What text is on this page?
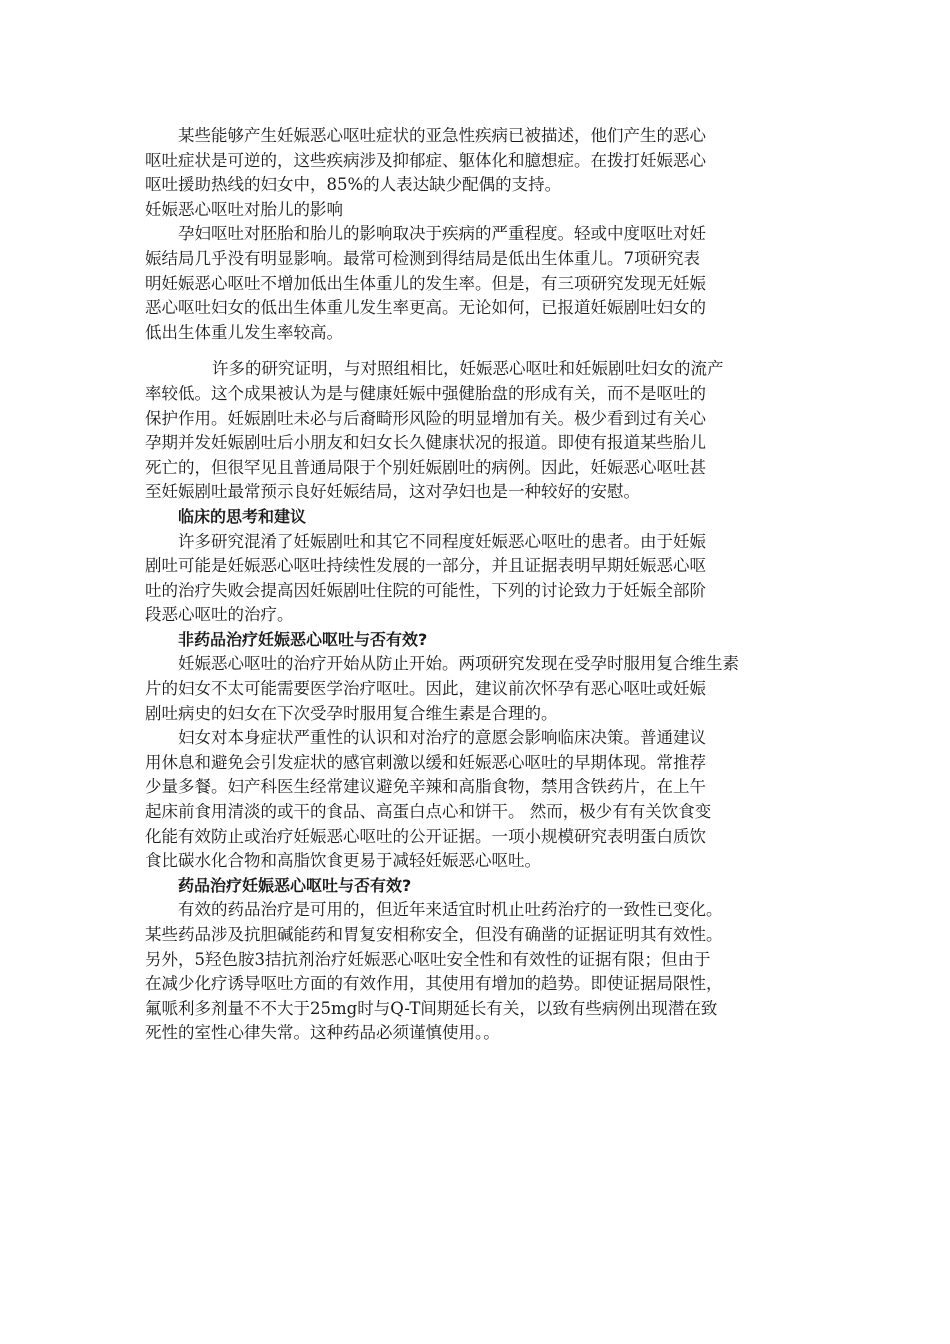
某些能够产生妊娠恶心呕吐症状的亚急性疾病已被描述，他们产生的恶心
呕吐症状是可逆的，这些疾病涉及抑郁症、躯体化和臆想症。在拨打妊娠恶心
呕吐援助热线的妇女中，85%的人表达缺少配偶的支持。
妊娠恶心呕吐对胎儿的影响
孕妇呕吐对胚胎和胎儿的影响取决于疾病的严重程度。轻或中度呕吐对妊
娠结局几乎没有明显影响。最常可检测到得结局是低出生体重儿。7项研究表
明妊娠恶心呕吐不增加低出生体重儿的发生率。但是，有三项研究发现无妊娠
恶心呕吐妇女的低出生体重儿发生率更高。无论如何，已报道妊娠剧吐妇女的
低出生体重儿发生率较高。
许多的研究证明，与对照组相比，妊娠恶心呕吐和妊娠剧吐妇女的流产
率较低。这个成果被认为是与健康妊娠中强健胎盘的形成有关，而不是呕吐的
保护作用。妊娠剧吐未必与后裔畸形风险的明显增加有关。极少看到过有关心
孕期并发妊娠剧吐后小朋友和妇女长久健康状况的报道。即使有报道某些胎儿
死亡的，但很罕见且普通局限于个别妊娠剧吐的病例。因此，妊娠恶心呕吐甚
至妊娠剧吐最常预示良好妊娠结局，这对孕妇也是一种较好的安慰。
临床的思考和建议
许多研究混淆了妊娠剧吐和其它不同程度妊娠恶心呕吐的患者。由于妊娠
剧吐可能是妊娠恶心呕吐持续性发展的一部分，并且证据表明早期妊娠恶心呕
吐的治疗失败会提高因妊娠剧吐住院的可能性，下列的讨论致力于妊娠全部阶
段恶心呕吐的治疗。
非药品治疗妊娠恶心呕吐与否有效?
妊娠恶心呕吐的治疗开始从防止开始。两项研究发现在受孕时服用复合维生素
片的妇女不太可能需要医学治疗呕吐。因此，建议前次怀孕有恶心呕吐或妊娠
剧吐病史的妇女在下次受孕时服用复合维生素是合理的。
妇女对本身症状严重性的认识和对治疗的意愿会影响临床决策。普通建议
用休息和避免会引发症状的感官刺激以缓和妊娠恶心呕吐的早期体现。常推荐
少量多餐。妇产科医生经常建议避免辛辣和高脂食物，禁用含铁药片，在上午
起床前食用清淡的或干的食品、高蛋白点心和饼干。 然而，极少有有关饮食变
化能有效防止或治疗妊娠恶心呕吐的公开证据。一项小规模研究表明蛋白质饮
食比碳水化合物和高脂饮食更易于减轻妊娠恶心呕吐。
药品治疗妊娠恶心呕吐与否有效?
有效的药品治疗是可用的，但近年来适宜时机止吐药治疗的一致性已变化。
某些药品涉及抗胆碱能药和胃复安相称安全，但没有确凿的证据证明其有效性。
另外，5羟色胺3拮抗剂治疗妊娠恶心呕吐安全性和有效性的证据有限；但由于
在减少化疗诱导呕吐方面的有效作用，其使用有增加的趋势。即使证据局限性，
氟哌利多剂量不不大于25mg时与Q-T间期延长有关，以致有些病例出现潜在致
死性的室性心律失常。这种药品必须谨慎使用。。
